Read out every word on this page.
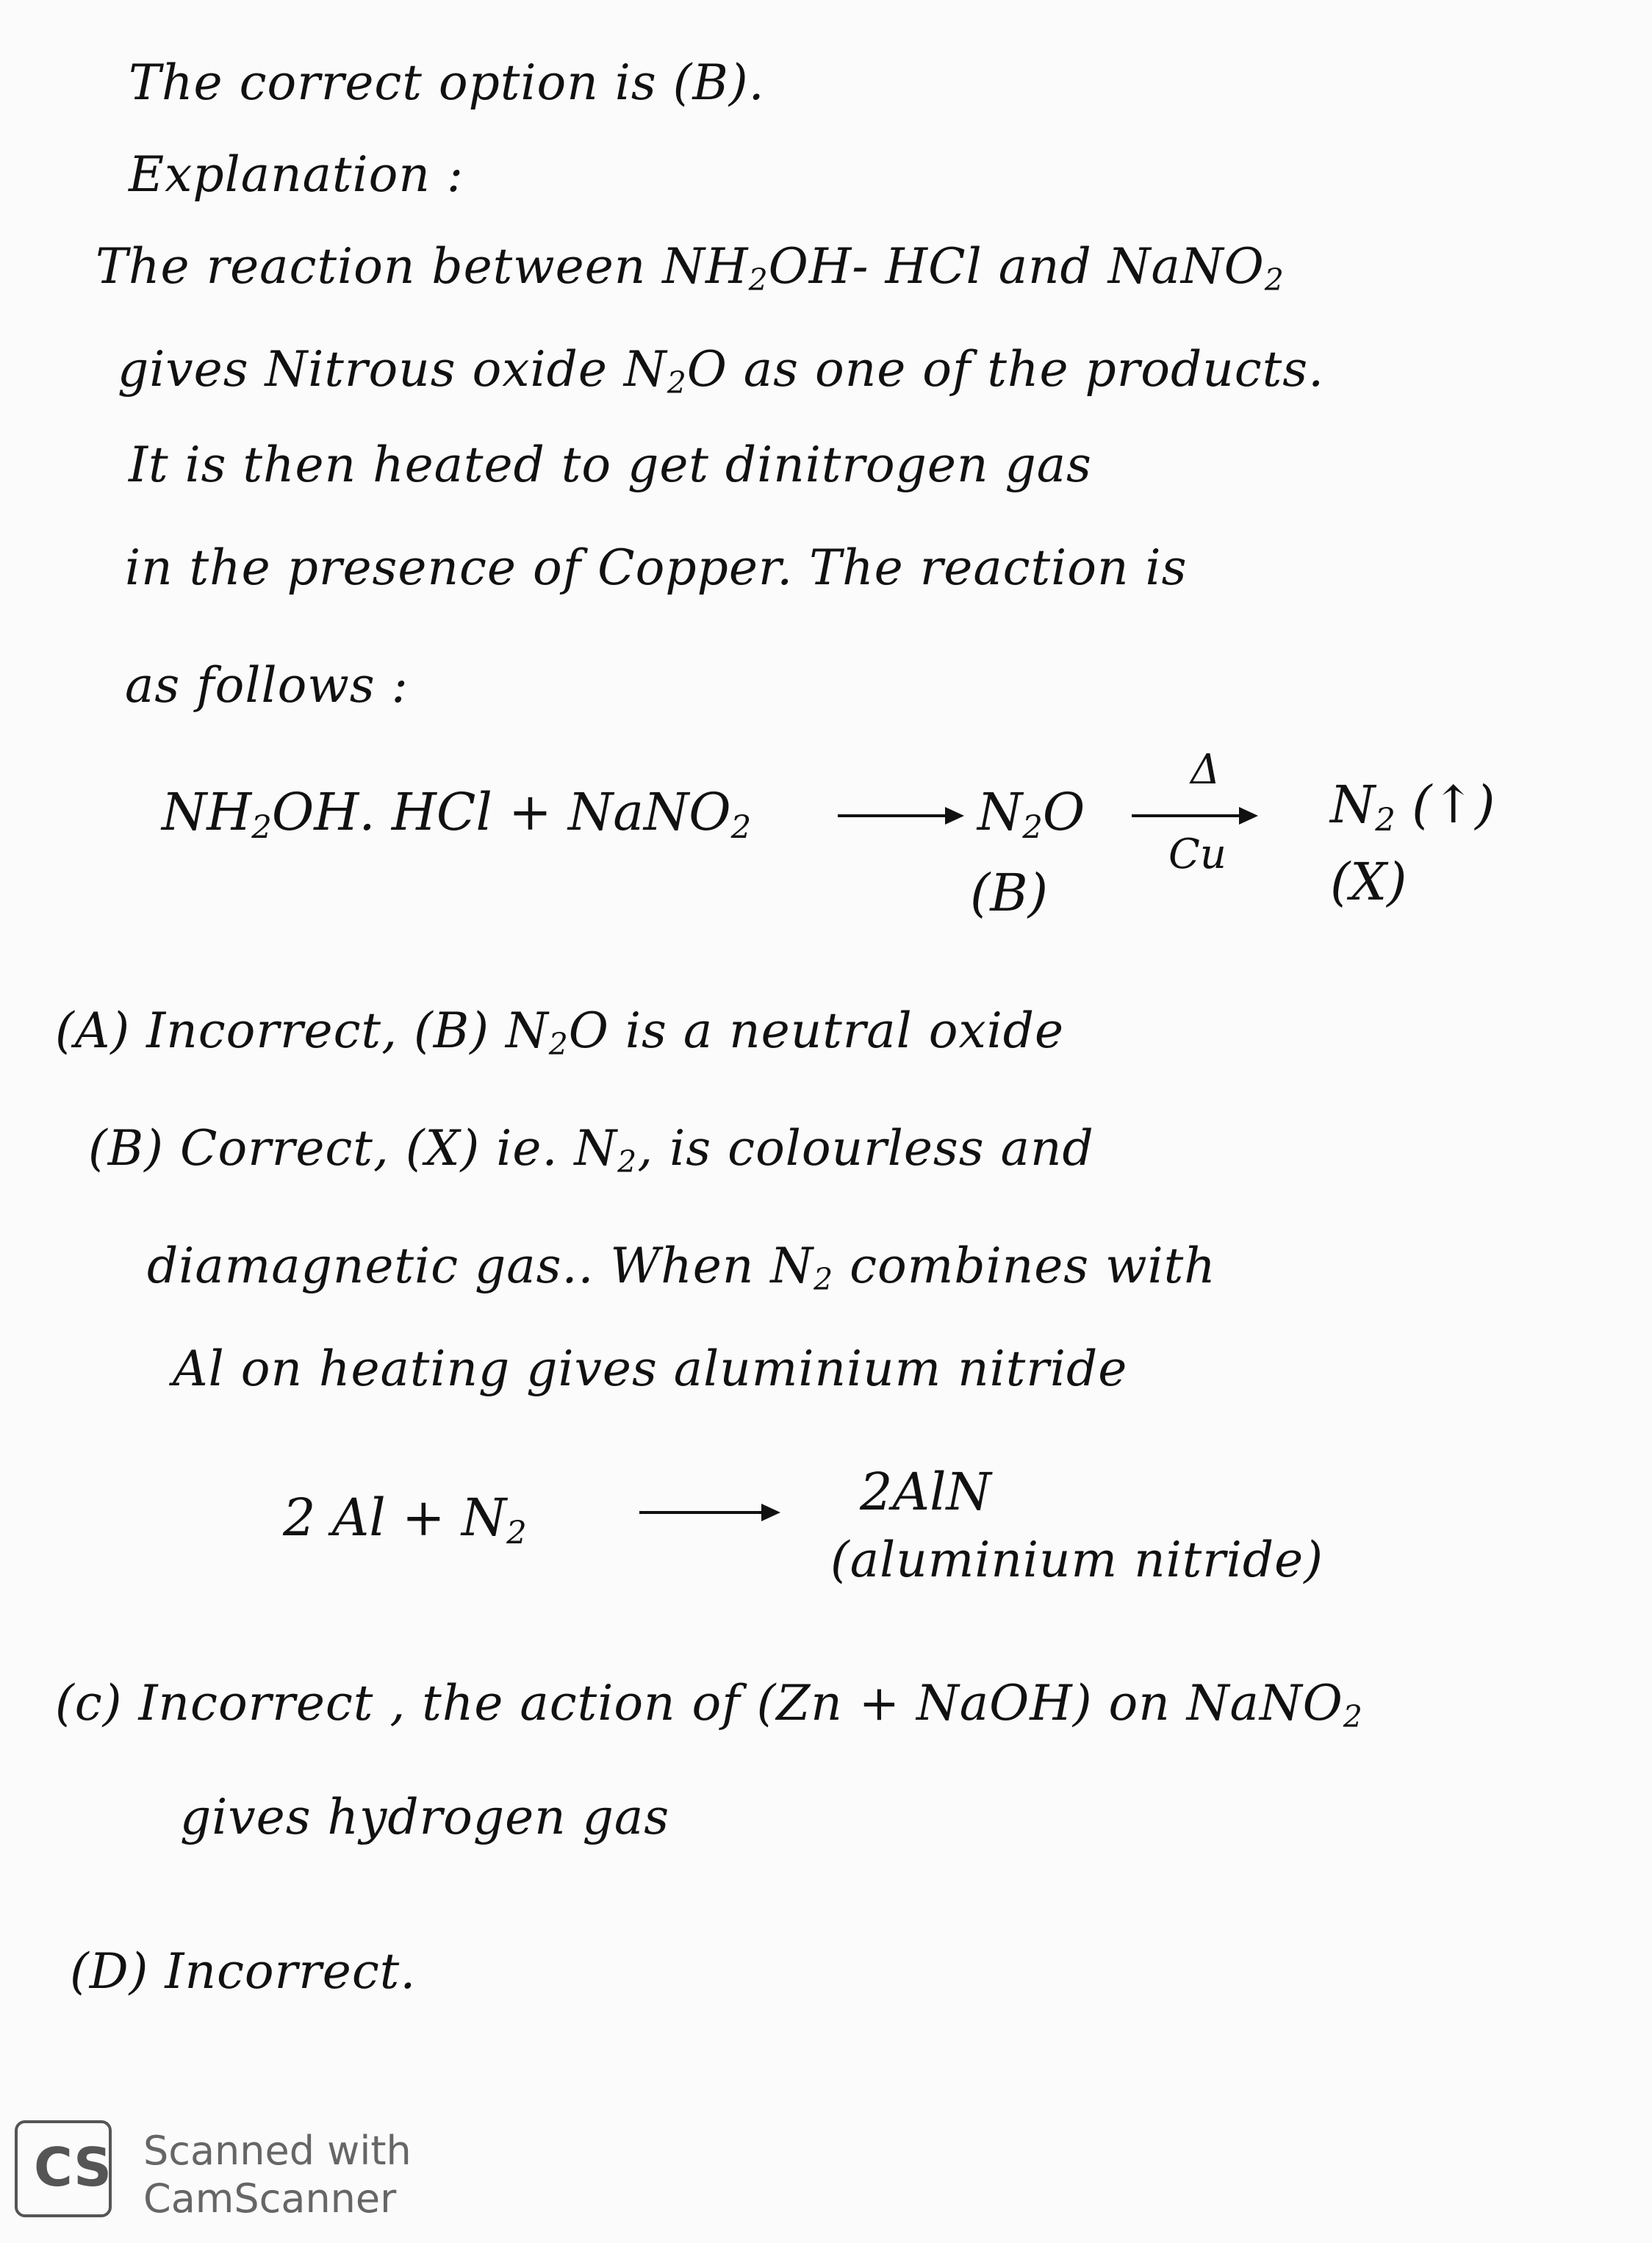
The correct option is (B).
Explanation :
The reaction between $NH_2OH-$ HCl and NaNO$_2$
gives Nitrous oxide $N_2O$ as one of the products.
It is then heated to get dinitrogen gas
in the presence of Copper. The reaction is
as follows :
$NH_2OH$. HCl + NaNO$_2$	$N_2O$
Δ
Cu
$N_2$ (↑)
(B)	(X)
(A) Incorrect, (B) $N_2O$ is a neutral oxide
(B) Correct, (X) ie. $N_2$, is colourless and
diamagnetic gas.. When $N_2$ combines with
Al on heating gives aluminium nitride
2 $Al + N_2$
2AlN
(aluminium nitride)
(c) Incorrect , the action of (Zn + NaOH) on NaNO$_2$
gives hydrogen gas
(D) Incorrect.
CS Scanned with
CamScanner
